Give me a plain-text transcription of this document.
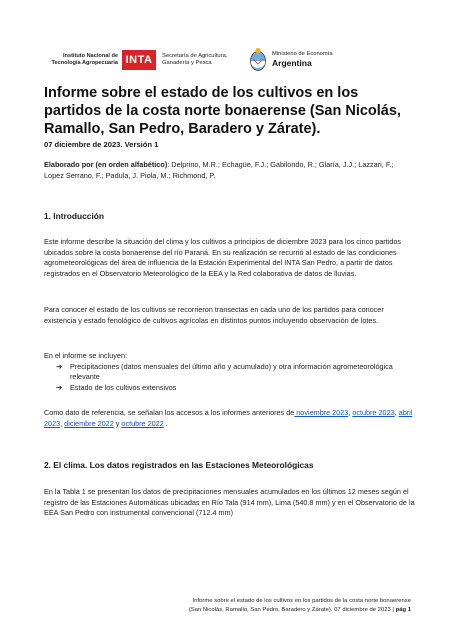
Instituto Nacional de
Tecnología Agropecuaria INTA Secretaría de Agricultura,
Ganadería y Pesca
Ministerio de Economía
Argentina
Informe sobre el estado de los cultivos en los partidos de la costa norte bonaerense (San Nicolás, Ramallo, San Pedro, Baradero y Zárate).
07 diciembre de 2023. Versión 1

Elaborado por (en orden alfabético): Delprino, M.R.; Echagüe, F.J.; Gabilondo, R.; Glaría, J.J.; Lazzari, F.; Lopez Serrano, F.; Padula, J. Piola, M.; Richmond, P.

1. Introducción

Este informe describe la situación del clima y los cultivos a principios de diciembre 2023 para los cinco partidos ubicados sobre la costa bonaerense del río Paraná. En su realización se recurrió al estado de las condiciones agrometeorológicas del área de influencia de la Estación Experimental del INTA San Pedro, a partir de datos registrados en el Observatorio Meteorológico de la EEA y la Red colaborativa de datos de lluvias.

Para conocer el estado de los cultivos se recorrieron transectas en cada uno de los partidos para conocer existencia y estado fenológico de cultivos agrícolas en distintos puntos incluyendo observación de lotes.

En el informe se incluyen:

➔	Precipitaciones (datos mensuales del último año y acumulado) y otra información agrometeorológica relevante
➔	Estado de los cultivos extensivos

Como dato de referencia, se señalan los accesos a los informes anteriores de noviembre 2023, octubre 2023, abril 2023, diciembre 2022 y octubre 2022 .

2. El clima. Los datos registrados en las Estaciones Meteorológicas

En la Tabla 1 se presentan los datos de precipitaciones mensuales acumulados en los últimos 12 meses según el registro de las Estaciones Automáticas ubicadas en Río Tala (914 mm), Lima (540.8 mm) y en el Observatorio de la EEA San Pedro con instrumental convencional (712.4 mm)

Informe sobre el estado de los cultivos en los partidos de la costa norte bonaerense
(San Nicolás, Ramallo, San Pedro, Baradero y Zárate). 07 diciembre de 2023 | pág 1
